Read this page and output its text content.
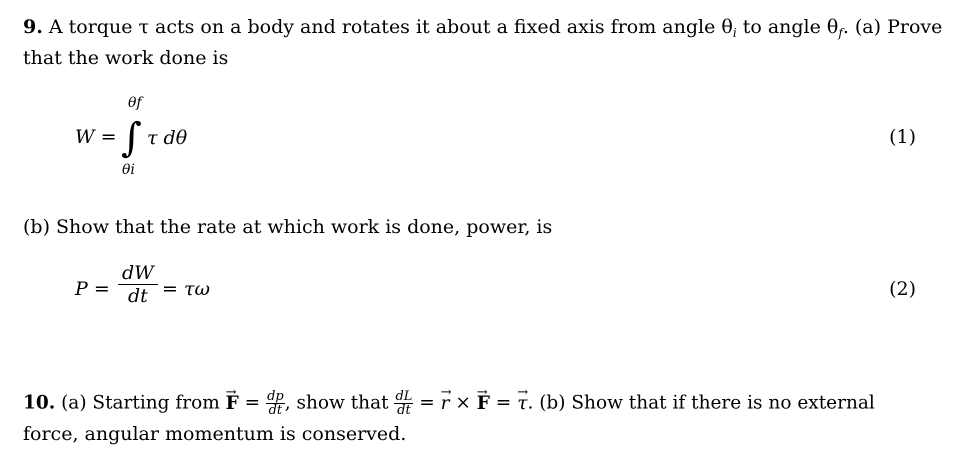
9. A torque τ acts on a body and rotates it about a fixed axis from angle $\theta_i$ to angle $\theta_f$. (a) Prove
that the work done is
W =
θf
∫
θi
τ dθ	(1)
(b) Show that the rate at which work is done, power, is
$P = \frac{dW}{dt} = \tau\omega$	(2)
10. (a) Starting from → $F = \frac{dp}{dt}$ , show that $\frac{dL}{dt}$ = → r × → F = → τ. (b) Show that if there is no external
force, angular momentum is conserved.
